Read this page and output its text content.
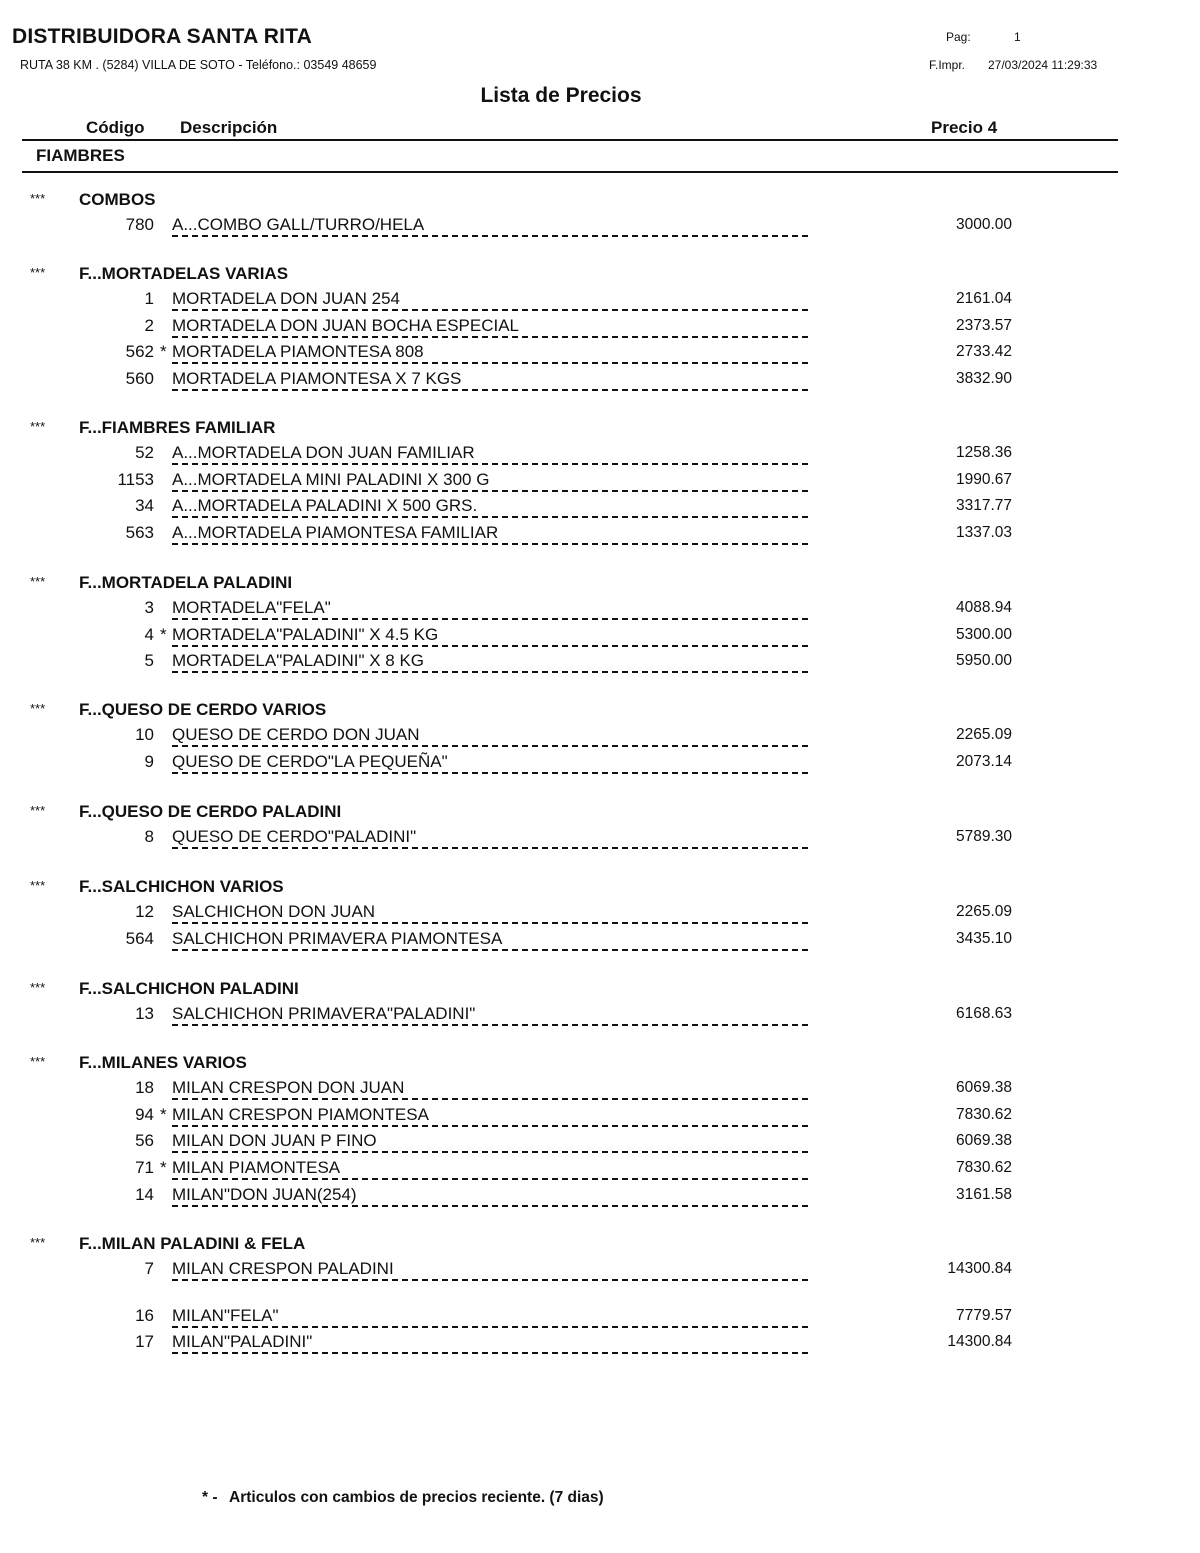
DISTRIBUIDORA SANTA RITA
RUTA 38 KM . (5284) VILLA DE SOTO - Teléfono.: 03549 48659
Pag:	1
F.Impr. 27/03/2024 11:29:33
Lista de Precios
Código Descripción	Precio 4
FIAMBRES
*** COMBOS
780 A...COMBO GALL/TURRO/HELA	3000.00
*** F...MORTADELAS VARIAS
1 MORTADELA DON JUAN 254	2161.04
2 MORTADELA DON JUAN BOCHA ESPECIAL	2373.57
562 * MORTADELA PIAMONTESA 808	2733.42
560 MORTADELA PIAMONTESA X 7 KGS	3832.90
*** F...FIAMBRES FAMILIAR
52 A...MORTADELA DON JUAN FAMILIAR	1258.36
1153 A...MORTADELA MINI PALADINI X 300 G	1990.67
34 A...MORTADELA PALADINI X 500 GRS.	3317.77
563 A...MORTADELA PIAMONTESA FAMILIAR	1337.03
*** F...MORTADELA PALADINI
3 MORTADELA"FELA"	4088.94
4 * MORTADELA"PALADINI" X 4.5 KG	5300.00
5 MORTADELA"PALADINI" X 8 KG	5950.00
*** F...QUESO DE CERDO VARIOS
10 QUESO DE CERDO DON JUAN	2265.09
9 QUESO DE CERDO"LA PEQUEÑA"	2073.14
*** F...QUESO DE CERDO PALADINI
8 QUESO DE CERDO"PALADINI"	5789.30
*** F...SALCHICHON VARIOS
12 SALCHICHON DON JUAN	2265.09
564 SALCHICHON PRIMAVERA PIAMONTESA	3435.10
*** F...SALCHICHON PALADINI
13 SALCHICHON PRIMAVERA"PALADINI"	6168.63
*** F...MILANES VARIOS
18 MILAN CRESPON DON JUAN	6069.38
94 * MILAN CRESPON PIAMONTESA	7830.62
56 MILAN DON JUAN P FINO	6069.38
71 * MILAN PIAMONTESA	7830.62
14 MILAN"DON JUAN(254)	3161.58
*** F...MILAN PALADINI & FELA
7 MILAN CRESPON PALADINI	14300.84
16 MILAN"FELA"	7779.57
17 MILAN"PALADINI"	14300.84
* - Articulos con cambios de precios reciente. (7 dias)
